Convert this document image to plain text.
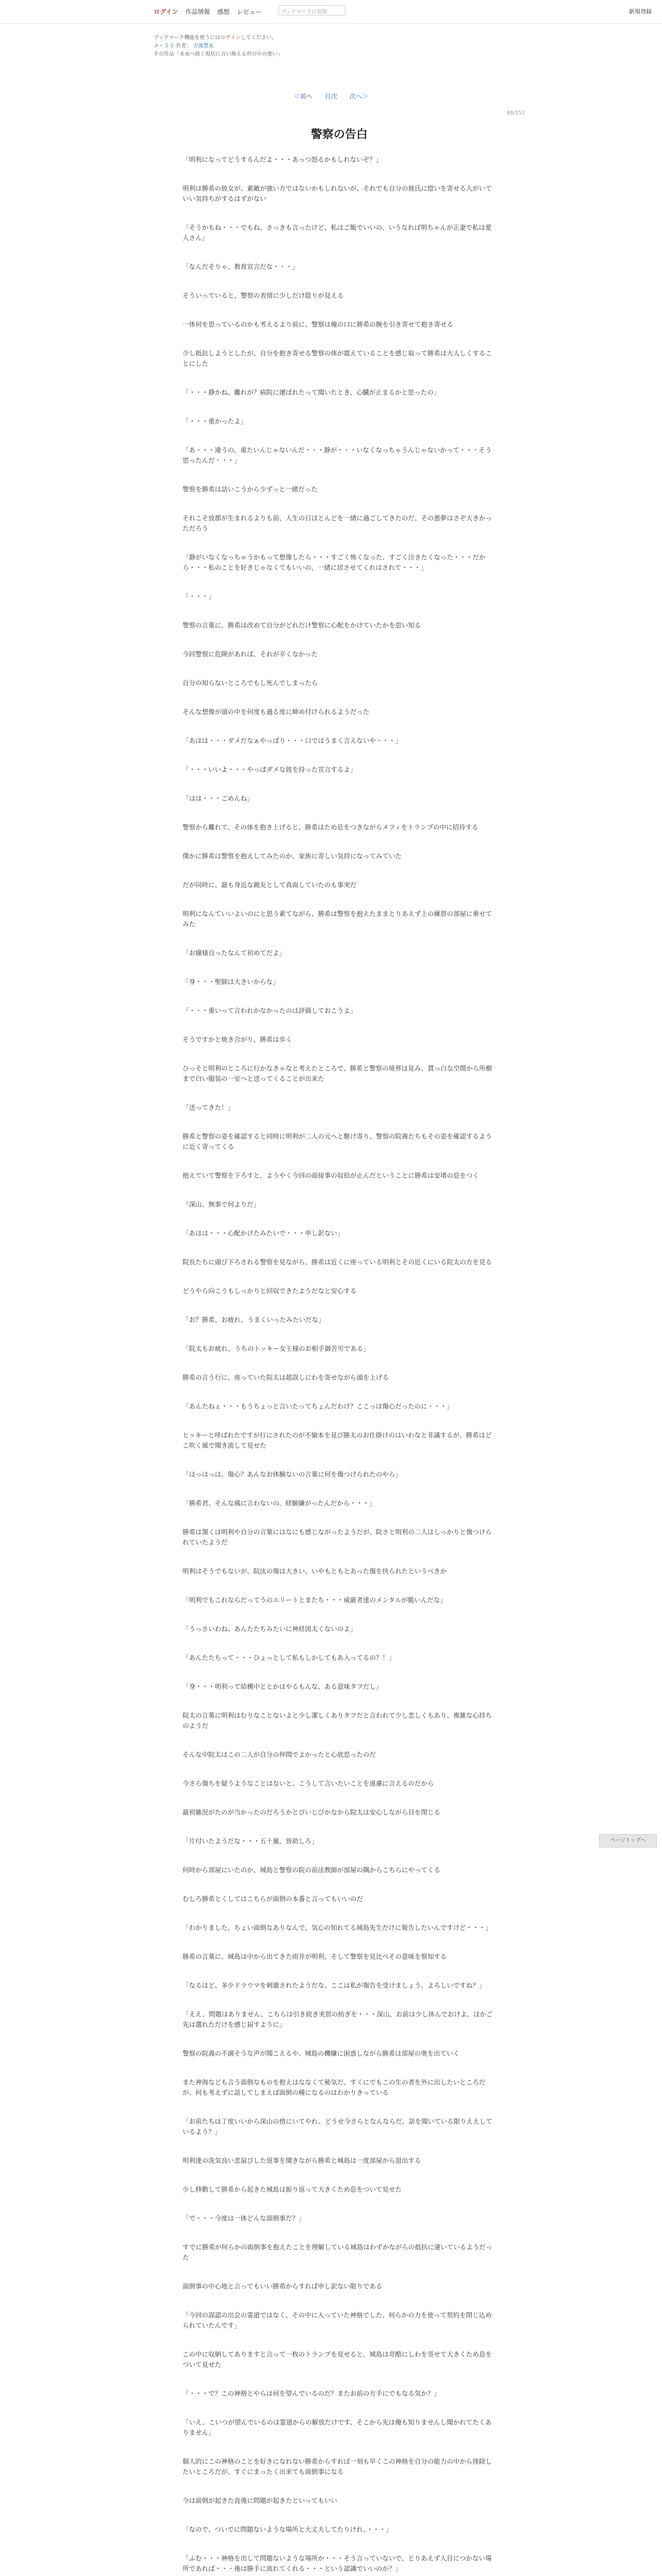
ログイン 作品情報 感想 レビュー	ブックマークに追加	新規登録
ブックマーク機能を使うにはログインしてください。
メ・５５ 作者： 吉波豊友
その作品「未来へ続く現状に言い換える世の中の悪い」
＜前へ 目次 次へ＞
68/152
警察の告白

「明利になってどうするんだよ・・・あっつ怒るかもしれないぞ？」

明利は勝希の彼女が、素敵が強い方ではないかもしれないが、それでも自分の彼氏に惚いを寄せる人がいていい気持ちがするはずがない

「そうかもね・・・でもね、さっきも言ったけど、私はご飯でいいの、いうなれば明ちゃんが正妻で私は愛人さん」

「なんだそりゃ、教育宣言だな・・・」

そういっていると、警察の表情に少しだけ陰りが見える

一体何を思っているのかも考えるより前に、警察は俺の口に勝希の腕を引き寄せて抱き寄せる

少し抵抗しようとしたが、自分を抱き寄せる警察の体が震えていることを感じ取って勝希は大人しくすることにした

「・・・静かね、離れが？病院に運ばれたって聞いたとき、心臓が止まるかと思ったの」

「・・・重かったよ」

「あ・・・違うの、重たいんじゃないんだ・・・静が・・・いなくなっちゃうんじゃないかって・・・そう思ったんだ・・・」

警察を勝希は話いこうから少ずっと一緒だった

それこそ放郡が生まれるよりも前、人生の日ほとんどを一緒に過ごしてきたのだ、その悪夢はさぞ大きかっただろう

「静がいなくなっちゃうかもって想像したら・・・すごく怖くなった、すごく泣きたくなった・・・だから・・・私のことを好きじゃなくてもいいの、一緒に居させてくれはされて・・・」

「・・・」

警察の言葉に、勝希は改めて自分がどれだけ警察に心配をかけていたかを思い知る

今回警察に危険があれば、それが辛くなかった

自分の知らないところでもし死んでしまったら

そんな想像が頭の中を何度も過る度に締め付けられるようだった

「あはは・・・ダメだなぁやっぱり・・・口ではうまく言えないや・・・」

「・・・いいよ・・・やっぱダメな彼を持った宣言するよ」

「はは・・・ごめんね」

警察から離れて、その体を抱き上げると、勝希はため息をつきながらメフィをトランプの中に招待する

僕かに勝希は警察を抱えしてみたのか、家族に寄しい気持になってみていた

だが同時に、最も身近な親友として真面していたのも事実だ

明利になんていいよいのにと思う素てながら、勝希は警察を抱えたままとりあえず上の練習の部屋に乗せてみた

「お嬢様自ったなんて初めてだよ」

「身・・・聖師は大きいからな」

「・・・重いって言われかなかったのは評価しておこうよ」

そうですかと焼き合がり、勝希は歩く

ひっそと明利のところに行かなきゃなと考えたところで、勝希と警察の境界は見み、貫っ白な空間から所樹まで白い服装の一室へと送ってくることが出来た

「送ってきた！」

勝希と警察の姿を確認すると同時に明利が二人の元へと駆け寄り、警察の院義たちもその姿を確認するように近く寄ってくる

抱えていて警察を下ろすと、ようやく今回の面接事の収拾が止んだということに勝希は安堵の息をつく

「深山、無事で何よりだ」

「あはは・・・心配かけたみたいで・・・申し訳ない」

院長たちに頭び下ろされる警察を見ながら、勝希は近くに座っている明利とその近くにいる院太の方を見る

どうやら向こうもしっかりと回収できたようだなと安心する

「お？勝希、お疲れ、うまくいったみたいだな」

「院太もお疲れ、うちのトッキー女王様のお相手御苦労である」

勝希の言う行に、座っていた院太は超誤しにわを寄せながら頭を上げる

「あんたねぇ・・・もうちょっと言いたってちょんだわけ？ここっは傷心だったのに・・・」

ヒッキーと呼ばれたですが行にされたのが不愉本を見び勝太のお仕掛けのはいわなと非議するが、勝希はどこ吹く風で聞き流して見せた

「はっはっは、傷心？あんなお体験ないの言葉に何を傷つけられたのやら」

「勝希君、そんな風に言わないの、経験嫌がったんだから・・・」

勝希は頷くは明利や自分の言葉にはなにも感じながったようだが、院さと明利の二人はしっかりと傷つけられていたようだ

明利はそうでもないが、院汰の傷は大きい、いやもともとあった傷を抉られたというべきか

「明利でもこれならだってうのエリートとまたち・・・威厳者達のメンタルが脆いんだな」

「うっさいわね、あんたたちみたいに神経図太くないのよ」

「あんたたちって・・・ひょっとして私もしかしてもあ入ってるの？！」

「身・・・明利って結構中ととかはやるもんな、ある意味タフだし」

院太の言葉に明利はむりなことないよと少し潔しくありタフだと言われて少し悲しくもあり、複雑な心持ちのようだ

そんな中院太はこの二人が自分の仲間でよかったと心底思ったのだ

今さら傷ちを疑うようなことはないと、こうして言いたいことを遠慮に言えるのだから

最初雑況がたのが当かったのだろうかとびいじびかなから院太は安心しながら目を閉じる

「片付いたようだな・・・五十嵐、皆助しろ」

何時から部屋にいたのか、城島と警察の院の前法教師が部屋の隅からこちらにやってくる

むしろ勝希とくしてはこちらが面倒の本番と言ってもいいのだ

「わかりました、ちょい面倒なありなんで、気心の知れてる城島先生だけに報告したいんですけど・・・」

勝希の言葉に、城島は中から出てきた雨井が明利、そして警察を見比べその意味を察知する

「なるほど、多少ドラウマを刺激されたようだな、ここは私が報告を受けましょう、よろしいですね？」

「ええ、問題はありません、こちらは引き続き実習の紡ぎを・・・深山、お前は少し休んでおけよ、ほかご先は選れただけを感じ届すように」

警察の院義の不満そうな声が聞こえるや、城島の機嫌に困惑しながら勝希は部屋の奥を出ていく

また神海なども言う面倒なものを抱えはななくて秘気だ、すくにでもこの生の者を外に出したいところだが、何も考えずに話してしまえば面倒の種になるのはわかりきっている

「お前たちは丁度いいから深山の傍にいてやれ、どうせ今さらとなんならだ、話を聞いている限りええしているよう？」

明利達の洗気良い悲鼠びした返事を聞きながら勝希と城島は一度部屋から退出する

少し移動して勝希から起きた城島は振り返って大きくため息をついて見せた

「で・・・今度は一体どんな面倒事だ？」

すでに勝希が何らかの面倒事を抱えたことを理解している城島はわずかながらの抵抗に違いているようだった

面倒事の中心地と言ってもいい勝希からすれば申し訳ない限りである

「今回の誤認の出会の霊道ではなく、その中に入っていた神格でした、何らかの力を使って契約を閉じ込められていたんです」

この中に収納してありますと言って一枚のトランプを見せると、城島は苛酷にしわを寄せて大きくため息をついて見せた

「・・・で？この神格とやらは何を望んでいるのだ？またお前の方手にでもなる気か？」

「いえ、こいつが望んでいるのは霊道からの解放だけです、そこから先は俺も知りませんし聞かれてたくありません」

個人的にこの神格のことを好きになれない勝希からすれば一刻も早くこの神格を自分の能力の中から排除したいところだが、すぐにまったく出来ても面倒事になる

今は面倒が起きた直後に問題が起きたといってもいい

「なので、ついでに問題ないような場所と大丈夫してたりけれ、・・・」

「ふむ・・・神格を出して問題ないような場所か・・・そう言っていないで、とりあえず人目につかない場所であれば・・・後は勝手に流れてくれる・・・という認識でいいのか？」

ページトップへ
